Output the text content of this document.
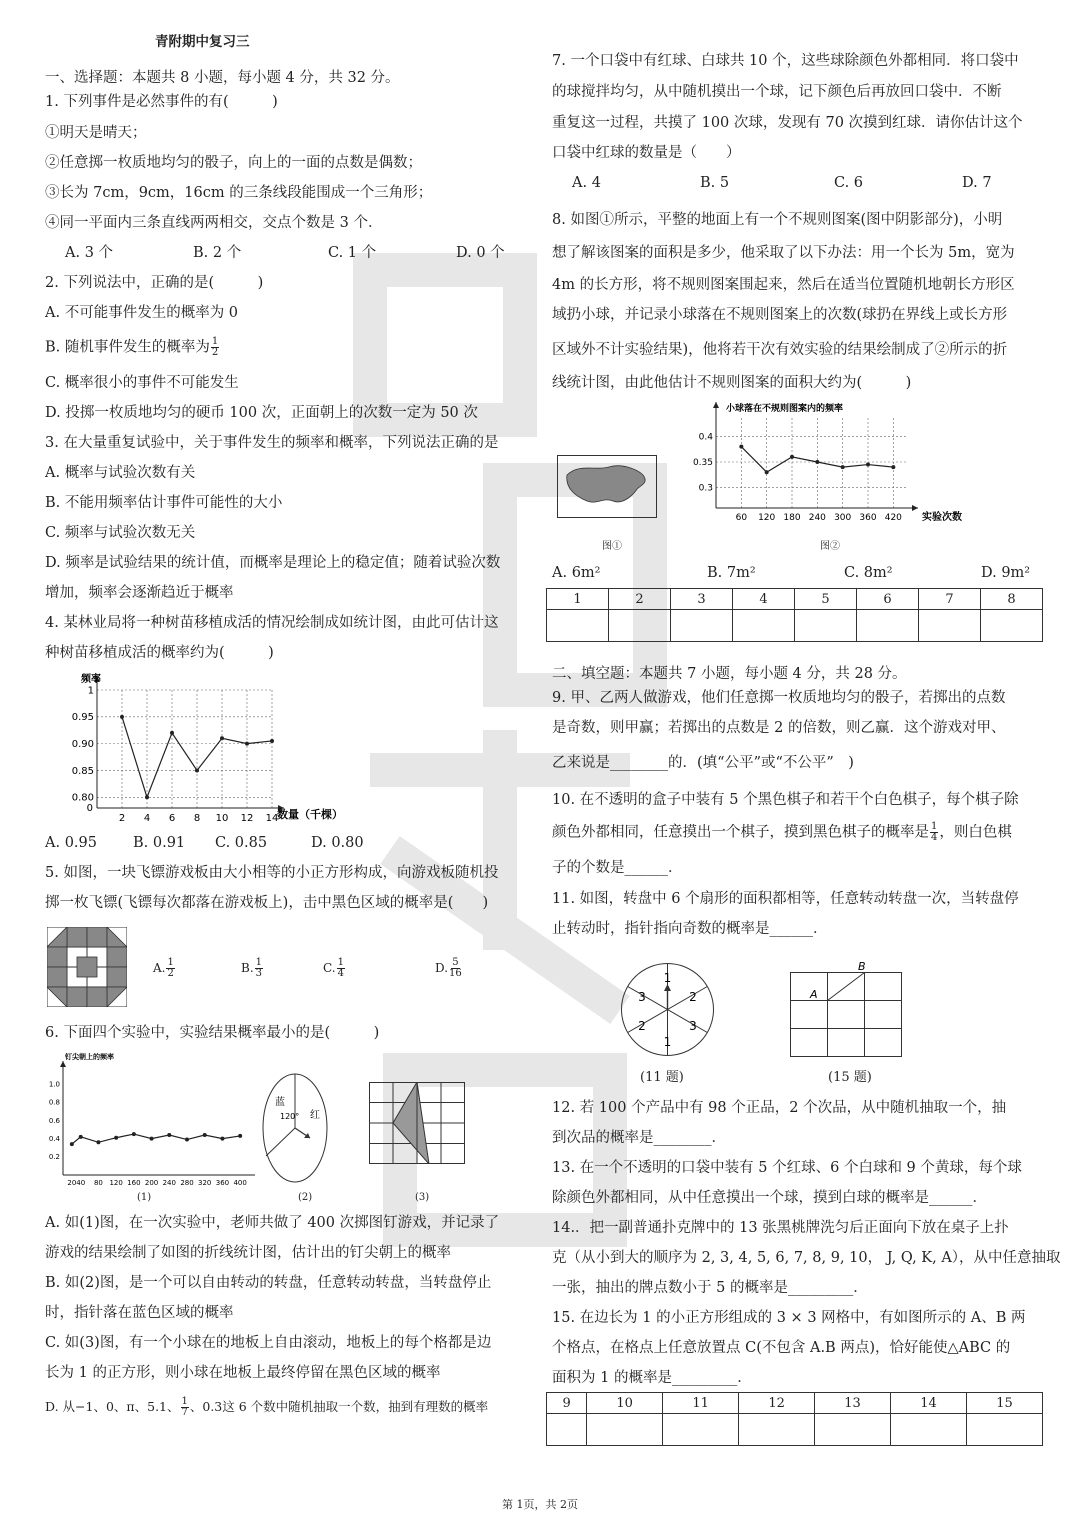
青附期中复习三
一、选择题：本题共 8 小题，每小题 4 分，共 32 分。
1. 下列事件是必然事件的有(　　　)
①明天是晴天；
②任意掷一枚质地均匀的骰子，向上的一面的点数是偶数；
③长为 7cm，9cm，16cm 的三条线段能围成一个三角形；
④同一平面内三条直线两两相交，交点个数是 3 个．
A. 3 个	B. 2 个	C. 1 个	D. 0 个
2. 下列说法中，正确的是(　　　)
A. 不可能事件发生的概率为 0
B. 随机事件发生的概率为 $\frac{1}{2}$
C. 概率很小的事件不可能发生
D. 投掷一枚质地均匀的硬币 100 次，正面朝上的次数一定为 50 次
3. 在大量重复试验中，关于事件发生的频率和概率，下列说法正确的是
A. 概率与试验次数有关
B. 不能用频率估计事件可能性的大小
C. 频率与试验次数无关
D. 频率是试验结果的统计值，而概率是理论上的稳定值；随着试验次数
增加，频率会逐渐趋近于概率
4. 某林业局将一种树苗移植成活的情况绘制成如统计图，由此可估计这
种树苗移植成活的概率约为(　　　)
2 4 6 8 10 12 14
0.80
0.85
0.90
0.95
1
0
频率
数量（千棵）
A. 0.95 B. 0.91 C. 0.85	D. 0.80
5. 如图，一块飞镖游戏板由大小相等的小正方形构成，向游戏板随机投
掷一枚飞镖(飞镖每次都落在游戏板上)，击中黑色区域的概率是(　　)
A. $\frac{1}{2}$	B. $\frac{1}{3}$	C. $\frac{1}{4}$	D. $\frac{5}{16}$
6. 下面四个实验中，实验结果概率最小的是(　　　)
20 40 80 120 160 200 240 280 320 360 400
0.2
0.4
0.6
0.8
1.0
钉尖朝上的频率
(1)
蓝
120° 红
(2)	(3)
A. 如(1)图，在一次实验中，老师共做了 400 次掷图钉游戏，并记录了
游戏的结果绘制了如图的折线统计图，估计出的钉尖朝上的概率
B. 如(2)图，是一个可以自由转动的转盘，任意转动转盘，当转盘停止
时，指针落在蓝色区域的概率
C. 如(3)图，有一个小球在的地板上自由滚动，地板上的每个格都是边
长为 1 的正方形，则小球在地板上最终停留在黑色区域的概率
D. 从−1、0、π、5.1、 $\frac{1}{7}$ 、0.3这 6 个数中随机抽取一个数，抽到有理数的概率
7. 一个口袋中有红球、白球共 10 个，这些球除颜色外都相同．将口袋中
的球搅拌均匀，从中随机摸出一个球，记下颜色后再放回口袋中．不断
重复这一过程，共摸了 100 次球，发现有 70 次摸到红球．请你估计这个
口袋中红球的数量是（　　）
A. 4	B. 5	C. 6	D. 7
8. 如图①所示，平整的地面上有一个不规则图案(图中阴影部分)，小明
想了解该图案的面积是多少，他采取了以下办法：用一个长为 5m，宽为
4m 的长方形，将不规则图案围起来，然后在适当位置随机地朝长方形区
域扔小球，并记录小球落在不规则图案上的次数(球扔在界线上或长方形
区域外不计实验结果)，他将若干次有效实验的结果绘制成了②所示的折
线统计图，由此他估计不规则图案的面积大约为(　　　)
图①
60 120 180 240 300 360 420
0.3
0.35
0.4
小球落在不规则图案内的频率
实验次数
图②
A. 6m²	B. 7m²	C. 8m²	D. 9m²
1	2	3	4	5	6	7	8

二、填空题：本题共 7 小题，每小题 4 分，共 28 分。
9. 甲、乙两人做游戏，他们任意掷一枚质地均匀的骰子，若掷出的点数
是奇数，则甲赢；若掷出的点数是 2 的倍数，则乙赢．这个游戏对甲、
乙来说是________的．(填“公平”或“不公平”　)
10. 在不透明的盒子中装有 5 个黑色棋子和若干个白色棋子，每个棋子除
颜色外都相同，任意摸出一个棋子，摸到黑色棋子的概率是 $\frac{1}{4}$ ，则白色棋
子的个数是______．
11. 如图，转盘中 6 个扇形的面积都相等，任意转动转盘一次，当转盘停
止转动时，指针指向奇数的概率是______．
1
2
3
1
2
3
(11 题)
A
B
(15 题)
12. 若 100 个产品中有 98 个正品，2 个次品，从中随机抽取一个，抽
到次品的概率是________．
13. 在一个不透明的口袋中装有 5 个红球、6 个白球和 9 个黄球，每个球
除颜色外都相同，从中任意摸出一个球，摸到白球的概率是______．
14.．把一副普通扑克牌中的 13 张黑桃牌洗匀后正面向下放在桌子上扑
克（从小到大的顺序为 2, 3, 4, 5, 6, 7, 8, 9, 10， J, Q, K, A），从中任意抽取
一张，抽出的牌点数小于 5 的概率是_________．
15. 在边长为 1 的小正方形组成的 3 × 3 网格中，有如图所示的 A、B 两
个格点，在格点上任意放置点 C(不包含 A.B 两点)，恰好能使△ABC 的
面积为 1 的概率是_________．
9	10	11	12	13	14	15

第 1页，共 2页
